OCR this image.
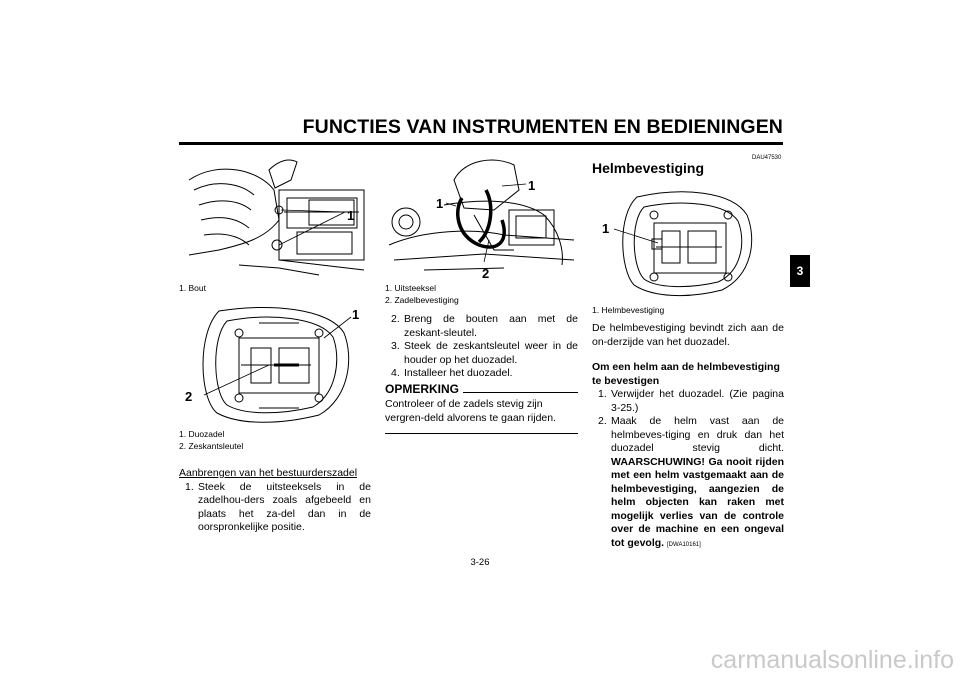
FUNCTIES VAN INSTRUMENTEN EN BEDIENINGEN
3
1
1. Bout
1
2
1. Duozadel
2. Zeskantsleutel
Aanbrengen van het bestuurderszadel
1. Steek de uitsteeksels in de zadelhou-ders zoals afgebeeld en plaats het za-del dan in de oorspronkelijke positie.
1
1
2
1. Uitsteeksel
2. Zadelbevestiging
2. Breng de bouten aan met de zeskant-sleutel.
3. Steek de zeskantsleutel weer in de houder op het duozadel.
4. Installeer het duozadel.
OPMERKING
Controleer of de zadels stevig zijn vergren-deld alvorens te gaan rijden.
DAU47530
Helmbevestiging
1
1. Helmbevestiging
De helmbevestiging bevindt zich aan de on-derzijde van het duozadel.
Om een helm aan de helmbevestiging te bevestigen
1. Verwijder het duozadel. (Zie pagina 3-25.)
2. Maak de helm vast aan de helmbeves-tiging en druk dan het duozadel stevig dicht. WAARSCHUWING! Ga nooit rijden met een helm vastgemaakt aan de helmbevestiging, aangezien de helm objecten kan raken met mogelijk verlies van de controle over de machine en een ongeval tot gevolg. [DWA10161]
3-26
carmanualsonline.info
